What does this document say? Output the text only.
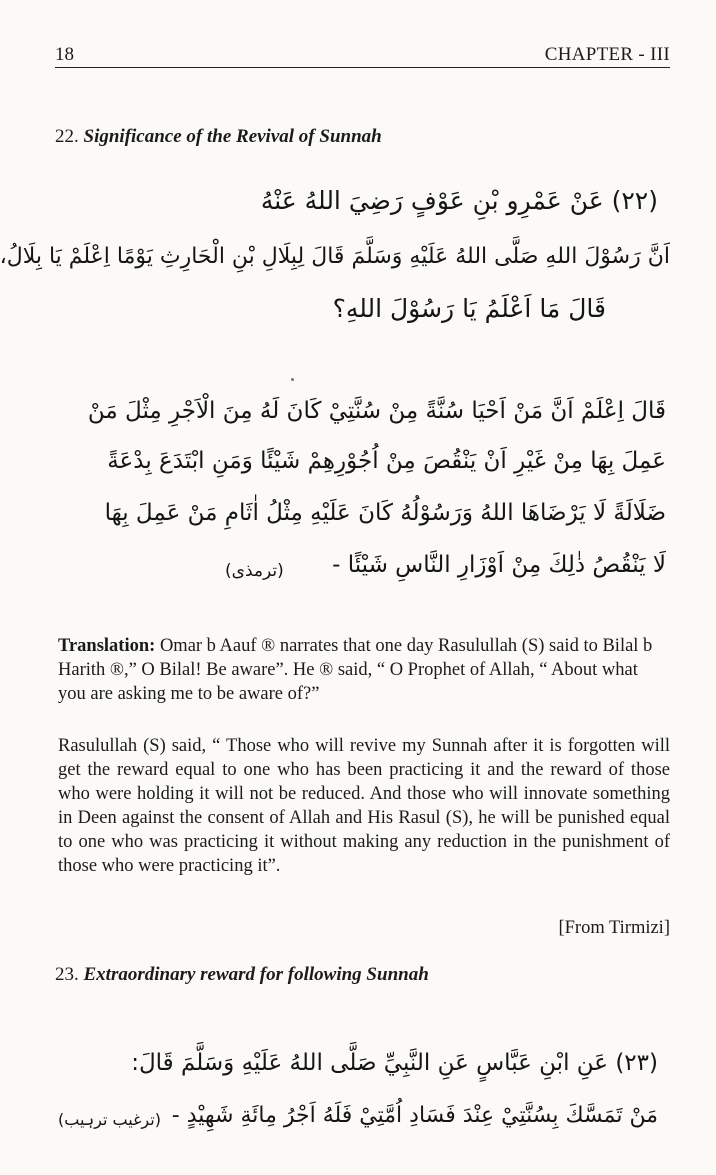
18	CHAPTER - III
22. Significance of the Revival of Sunnah
(٢٢) عَنْ عَمْرِو بْنِ عَوْفٍ رَضِيَ اللهُ عَنْهُ
اَنَّ رَسُوْلَ اللهِ صَلَّى اللهُ عَلَيْهِ وَسَلَّمَ قَالَ لِبِلَالِ بْنِ الْحَارِثِ يَوْمًا اِعْلَمْ يَا بِلَالُ،
قَالَ مَا اَعْلَمُ يَا رَسُوْلَ اللهِ؟
قَالَ اِعْلَمْ اَنَّ مَنْ اَحْيَا سُنَّةً مِنْ سُنَّتِيْ كَانَ لَهُ مِنَ الْاَجْرِ مِثْلَ مَنْ
عَمِلَ بِهَا مِنْ غَيْرِ اَنْ يَنْقُصَ مِنْ اُجُوْرِهِمْ شَيْئًا وَمَنِ ابْتَدَعَ بِدْعَةً
ضَلَالَةً لَا يَرْضَاهَا اللهُ وَرَسُوْلُهُ كَانَ عَلَيْهِ مِثْلُ اٰثَامِ مَنْ عَمِلَ بِهَا
لَا يَنْقُصُ ذٰلِكَ مِنْ اَوْزَارِ النَّاسِ شَيْئًا -
(ترمذی)
Translation: Omar b Aauf ® narrates that one day Rasulullah (S) said to Bilal b Harith ®,” O Bilal! Be aware”. He ® said, “ O Prophet of Allah, “ About what you are asking me to be aware of?”
Rasulullah (S) said, “ Those who will revive my Sunnah after it is forgotten will get the reward equal to one who has been practicing it and the reward of those who were holding it will not be reduced. And those who will innovate something in Deen against the consent of Allah and His Rasul (S), he will be punished equal to one who was practicing it without making any reduction in the punishment of those who were practicing it”.
[From Tirmizi]
23. Extraordinary reward for following Sunnah
(٢٣) عَنِ ابْنِ عَبَّاسٍ عَنِ النَّبِيِّ صَلَّى اللهُ عَلَيْهِ وَسَلَّمَ قَالَ:
مَنْ تَمَسَّكَ بِسُنَّتِيْ عِنْدَ فَسَادِ اُمَّتِيْ فَلَهُ اَجْرُ مِائَةِ شَهِيْدٍ -
(ترغیب ترہیب)
